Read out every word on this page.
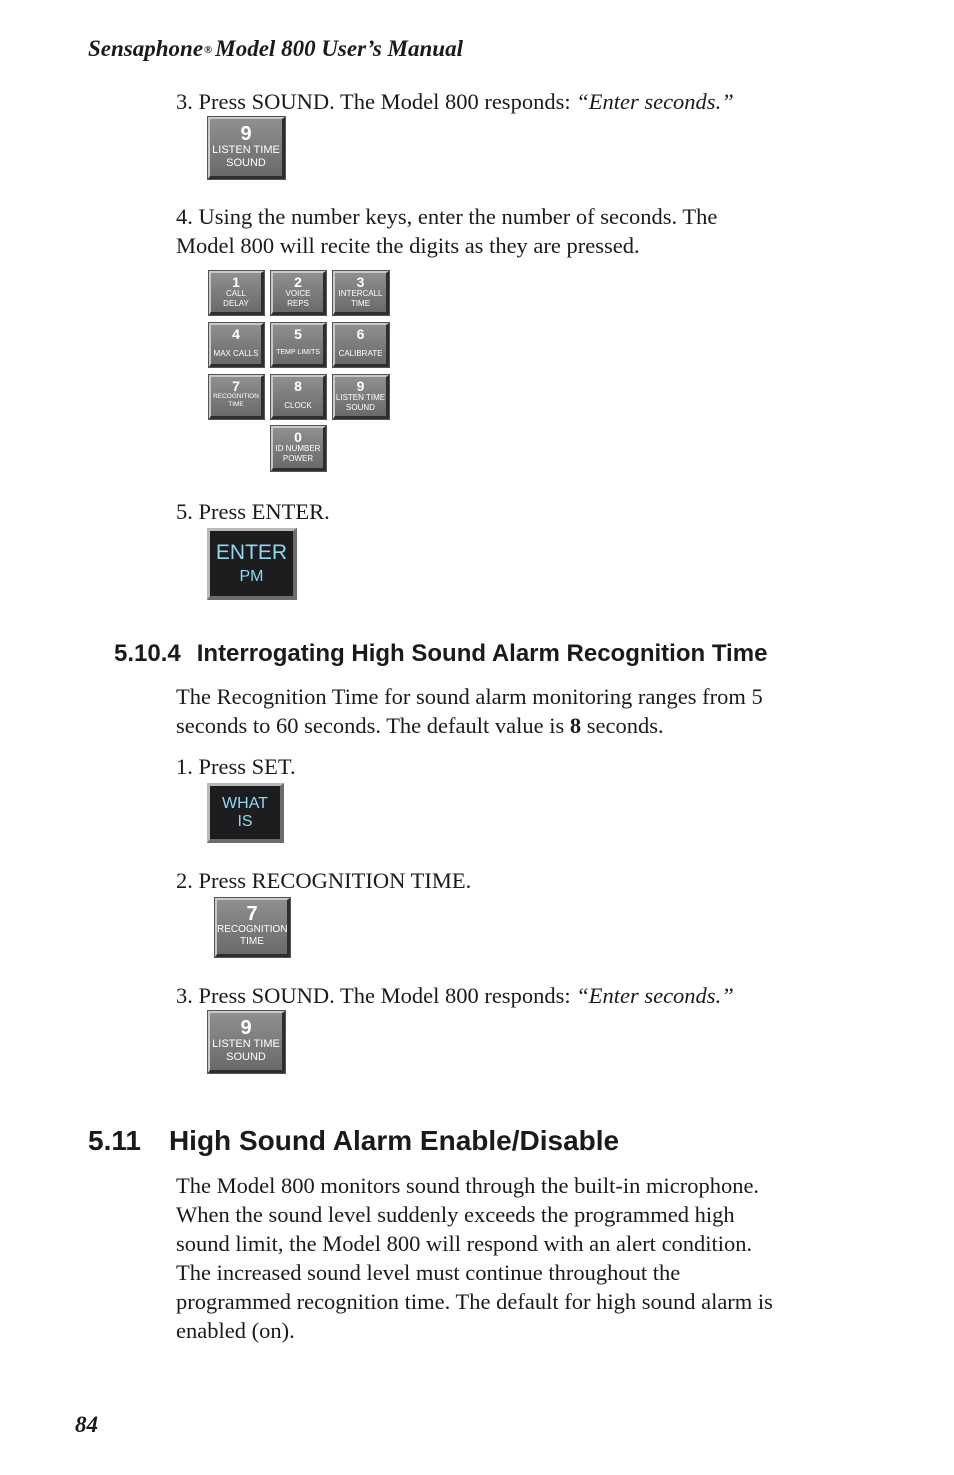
Sensaphone® Model 800 User’s Manual
3. Press SOUND. The Model 800 responds: “Enter seconds.”
9
LISTEN TIME
SOUND
4. Using the number keys, enter the number of seconds. The
Model 800 will recite the digits as they are pressed.
1
CALL
DELAY
2
VOICE
REPS
3
INTERCALL
TIME
4
MAX CALLS
5
TEMP LIMITS
6
CALIBRATE
7
RECOGNITION
TIME
8
CLOCK
9
LISTEN TIME
SOUND
0
ID NUMBER
POWER
5. Press ENTER.
ENTER
PM
5.10.4 Interrogating High Sound Alarm Recognition Time

The Recognition Time for sound alarm monitoring ranges from 5

seconds to 60 seconds. The default value is 8 seconds.

1. Press SET.
WHAT
IS
2. Press RECOGNITION TIME.
7
RECOGNITION
TIME
3. Press SOUND. The Model 800 responds: “Enter seconds.”
9
LISTEN TIME
SOUND
5.11 High Sound Alarm Enable/Disable

The Model 800 monitors sound through the built-in microphone.

When the sound level suddenly exceeds the programmed high

sound limit, the Model 800 will respond with an alert condition.

The increased sound level must continue throughout the

programmed recognition time. The default for high sound alarm is

enabled (on).

84
